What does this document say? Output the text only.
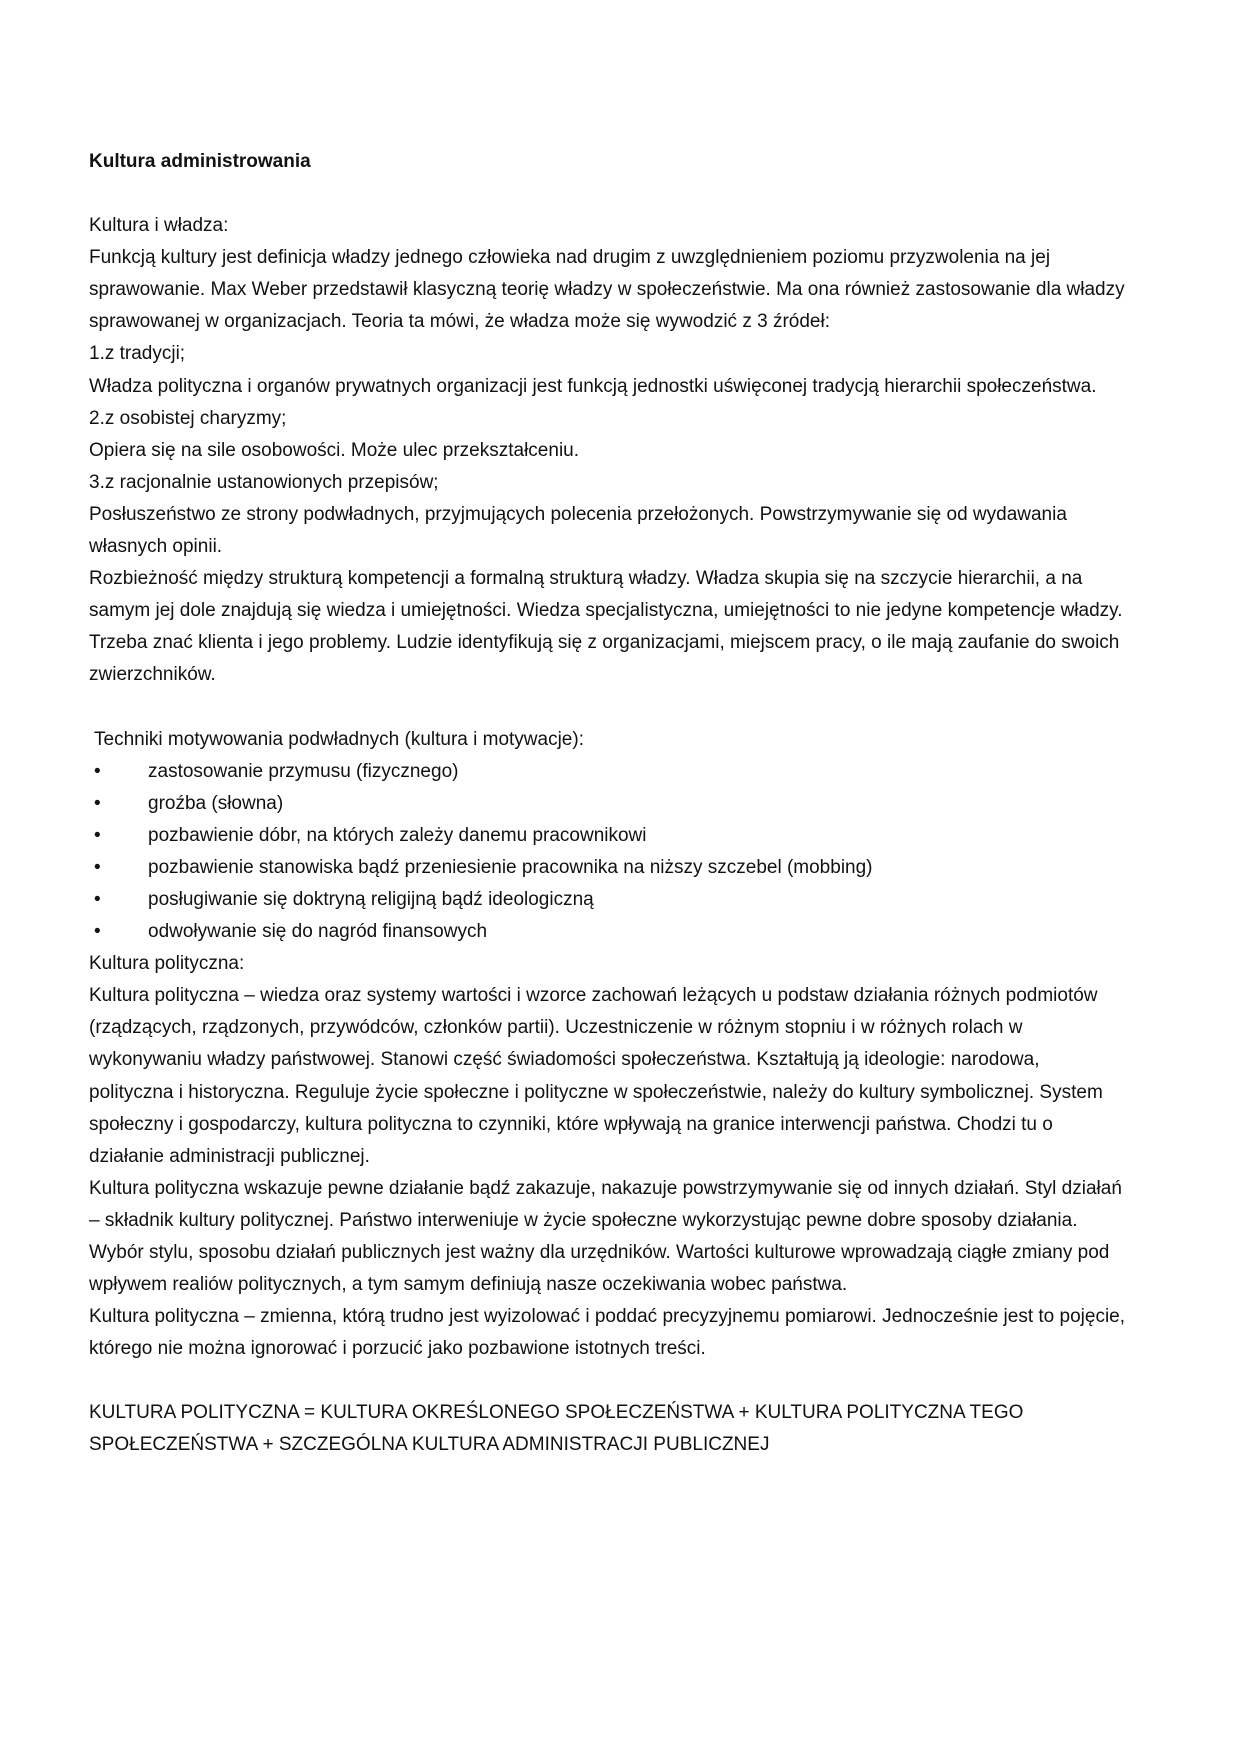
Kultura administrowania

Kultura i władza:

Funkcją kultury jest definicja władzy jednego człowieka nad drugim z uwzględnieniem poziomu przyzwolenia na jej sprawowanie. Max Weber przedstawił klasyczną teorię władzy w społeczeństwie. Ma ona również zastosowanie dla władzy sprawowanej w organizacjach. Teoria ta mówi, że władza może się wywodzić z 3 źródeł:

1.z tradycji;

Władza polityczna i organów prywatnych organizacji jest funkcją jednostki uświęconej tradycją hierarchii społeczeństwa.

2.z osobistej charyzmy;

Opiera się na sile osobowości. Może ulec przekształceniu.

3.z racjonalnie ustanowionych przepisów;

Posłuszeństwo ze strony podwładnych, przyjmujących polecenia przełożonych. Powstrzymywanie się od wydawania własnych opinii.

Rozbieżność między strukturą kompetencji a formalną strukturą władzy. Władza skupia się na szczycie hierarchii, a na samym jej dole znajdują się wiedza i umiejętności. Wiedza specjalistyczna, umiejętności to nie jedyne kompetencje władzy. Trzeba znać klienta i jego problemy. Ludzie identyfikują się z organizacjami, miejscem pracy, o ile mają zaufanie do swoich zwierzchników.

Techniki motywowania podwładnych (kultura i motywacje):

• zastosowanie przymusu (fizycznego)
• groźba (słowna)
• pozbawienie dóbr, na których zależy danemu pracownikowi
• pozbawienie stanowiska bądź przeniesienie pracownika na niższy szczebel (mobbing)
• posługiwanie się doktryną religijną bądź ideologiczną
• odwoływanie się do nagród finansowych

Kultura polityczna:

Kultura polityczna – wiedza oraz systemy wartości i wzorce zachowań leżących u podstaw działania różnych podmiotów (rządzących, rządzonych, przywódców, członków partii). Uczestniczenie w różnym stopniu i w różnych rolach w wykonywaniu władzy państwowej. Stanowi część świadomości społeczeństwa. Kształtują ją ideologie: narodowa, polityczna i historyczna. Reguluje życie społeczne i polityczne w społeczeństwie, należy do kultury symbolicznej. System społeczny i gospodarczy, kultura polityczna to czynniki, które wpływają na granice interwencji państwa. Chodzi tu o działanie administracji publicznej.

Kultura polityczna wskazuje pewne działanie bądź zakazuje, nakazuje powstrzymywanie się od innych działań. Styl działań – składnik kultury politycznej. Państwo interweniuje w życie społeczne wykorzystując pewne dobre sposoby działania. Wybór stylu, sposobu działań publicznych jest ważny dla urzędników. Wartości kulturowe wprowadzają ciągłe zmiany pod wpływem realiów politycznych, a tym samym definiują nasze oczekiwania wobec państwa.

Kultura polityczna – zmienna, którą trudno jest wyizolować i poddać precyzyjnemu pomiarowi. Jednocześnie jest to pojęcie, którego nie można ignorować i porzucić jako pozbawione istotnych treści.

KULTURA POLITYCZNA = KULTURA OKREŚLONEGO SPOŁECZEŃSTWA + KULTURA POLITYCZNA TEGO SPOŁECZEŃSTWA + SZCZEGÓLNA KULTURA ADMINISTRACJI PUBLICZNEJ
